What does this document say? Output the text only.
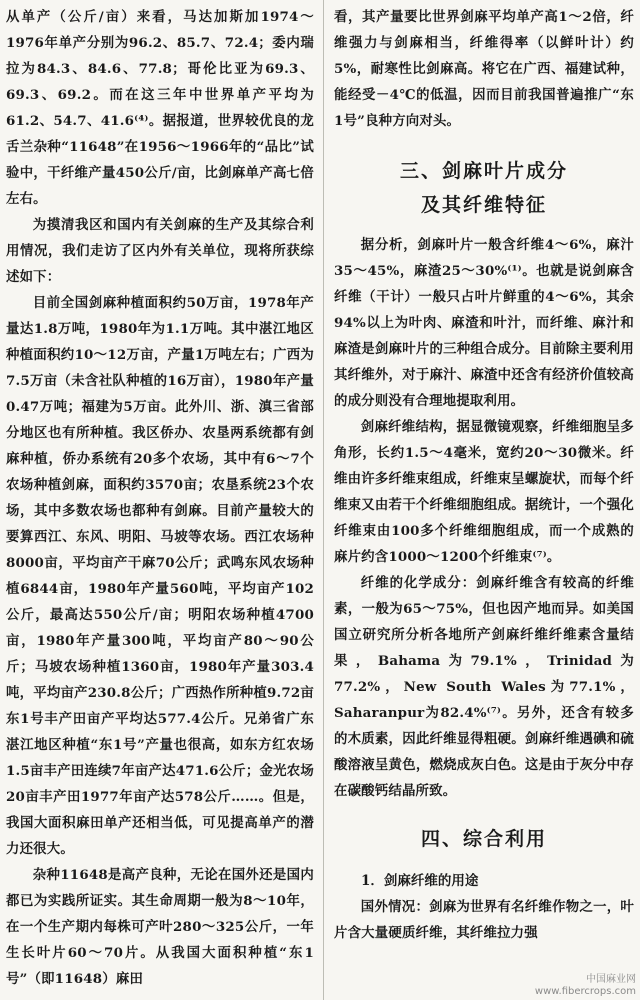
从单产（公斤/亩）来看，马达加斯加1974～1976年单产分别为96.2、85.7、72.4；委内瑞拉为84.3、84.6、77.8；哥伦比亚为69.3、69.3、69.2。而在这三年中世界单产平均为61.2、54.7、41.6⁽⁴⁾。据报道，世界较优良的龙舌兰杂种“11648”在1956～1966年的“品比”试验中，干纤维产量450公斤/亩，比剑麻单产高七倍左右。

为摸清我区和国内有关剑麻的生产及其综合利用情况，我们走访了区内外有关单位，现将所获综述如下：

目前全国剑麻种植面积约50万亩，1978年产量达1.8万吨，1980年为1.1万吨。其中湛江地区种植面积约10～12万亩，产量1万吨左右；广西为7.5万亩（未含社队种植的16万亩），1980年产量0.47万吨；福建为5万亩。此外川、浙、滇三省部分地区也有所种植。我区侨办、农垦两系统都有剑麻种植，侨办系统有20多个农场，其中有6～7个农场种植剑麻，面积约3570亩；农垦系统23个农场，其中多数农场也都种有剑麻。目前产量较大的要算西江、东风、明阳、马坡等农场。西江农场种8000亩，平均亩产干麻70公斤；武鸣东风农场种植6844亩，1980年产量560吨，平均亩产102公斤，最高达550公斤/亩；明阳农场种植4700亩，1980年产量300吨，平均亩产80～90公斤；马坡农场种植1360亩，1980年产量303.4吨，平均亩产230.8公斤；广西热作所种植9.72亩东1号丰产田亩产平均达577.4公斤。兄弟省广东湛江地区种植“东1号”产量也很高，如东方红农场1.5亩丰产田连续7年亩产达471.6公斤；金光农场20亩丰产田1977年亩产达578公斤……。但是，我国大面积麻田单产还相当低，可见提高单产的潜力还很大。

杂种11648是高产良种，无论在国外还是国内都已为实践所证实。其生命周期一般为8～10年，在一个生产期内每株可产叶280～325公斤，一年生长叶片60～70片。从我国大面积种植“东1号”（即11648）麻田

看，其产量要比世界剑麻平均单产高1～2倍，纤维强力与剑麻相当，纤维得率（以鲜叶计）约5%，耐寒性比剑麻高。将它在广西、福建试种，能经受－4℃的低温，因而目前我国普遍推广“东1号”良种方向对头。

三、剑麻叶片成分
及其纤维特征

据分析，剑麻叶片一般含纤维4～6%，麻汁35～45%，麻渣25～30%⁽¹⁾。也就是说剑麻含纤维（干计）一般只占叶片鲜重的4～6%，其余94%以上为叶肉、麻渣和叶汁，而纤维、麻汁和麻渣是剑麻叶片的三种组合成分。目前除主要利用其纤维外，对于麻汁、麻渣中还含有经济价值较高的成分则没有合理地提取利用。

剑麻纤维结构，据显微镜观察，纤维细胞呈多角形，长约1.5～4毫米，宽约20～30微米。纤维由许多纤维束组成，纤维束呈螺旋状，而每个纤维束又由若干个纤维细胞组成。据统计，一个强化纤维束由100多个纤维细胞组成，而一个成熟的麻片约含1000～1200个纤维束⁽⁷⁾。

纤维的化学成分：剑麻纤维含有较高的纤维素，一般为65～75%，但也因产地而异。如美国国立研究所分析各地所产剑麻纤维纤维素含量结果，Bahama为79.1%，Trinidad为77.2%，New South Wales为77.1%，Saharanpur为82.4%⁽⁷⁾。另外，还含有较多的木质素，因此纤维显得粗硬。剑麻纤维遇碘和硫酸溶液呈黄色，燃烧成灰白色。这是由于灰分中存在碳酸钙结晶所致。

四、综合利用
1．剑麻纤维的用途

国外情况：剑麻为世界有名纤维作物之一，叶片含大量硬质纤维，其纤维拉力强

中国麻业网
www.fibercrops.com
